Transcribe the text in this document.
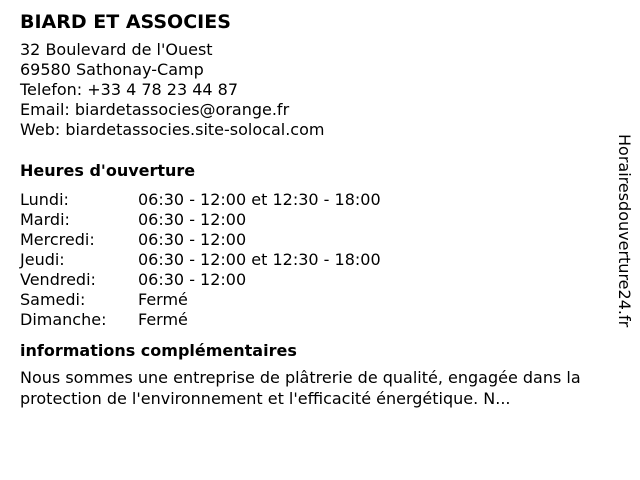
BIARD ET ASSOCIES
32 Boulevard de l'Ouest
69580 Sathonay-Camp
Telefon: +33 4 78 23 44 87
Email: biardetassocies@orange.fr
Web: biardetassocies.site-solocal.com
Heures d'ouverture
Lundi:	06:30 - 12:00 et 12:30 - 18:00
Mardi:	06:30 - 12:00
Mercredi:	06:30 - 12:00
Jeudi:	06:30 - 12:00 et 12:30 - 18:00
Vendredi:	06:30 - 12:00
Samedi:	Fermé
Dimanche:	Fermé
informations complémentaires
Nous sommes une entreprise de plâtrerie de qualité, engagée dans la protection de l'environnement et l'efficacité énergétique. N...
Horairesdouverture24.fr
